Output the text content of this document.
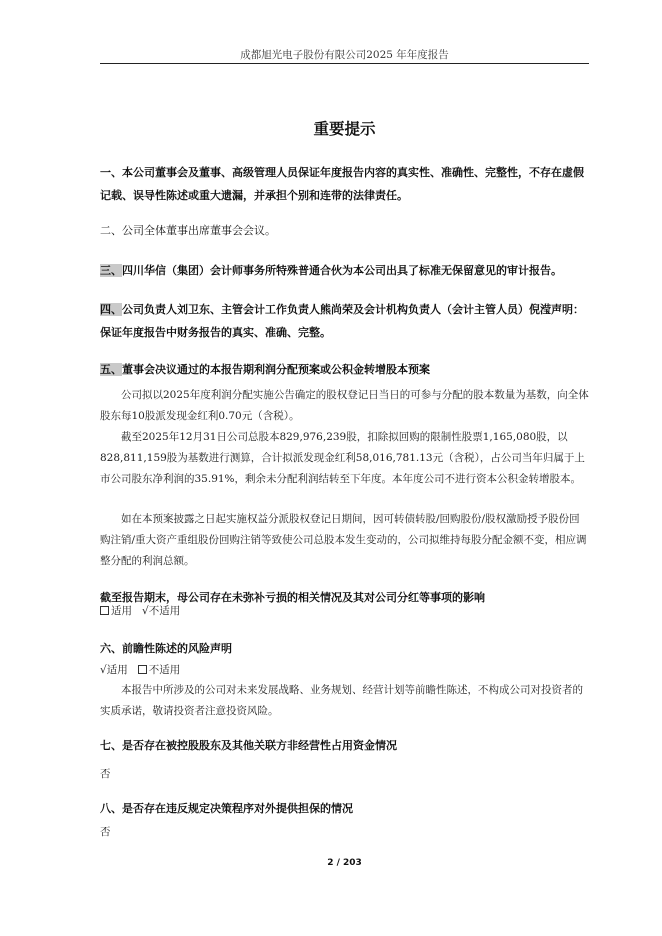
成都旭光电子股份有限公司2025 年年度报告
重要提示
一、本公司董事会及董事、高级管理人员保证年度报告内容的真实性、准确性、完整性，不存在虚假记载、误导性陈述或重大遗漏，并承担个别和连带的法律责任。
二、公司全体董事出席董事会会议。
三、四川华信（集团）会计师事务所特殊普通合伙为本公司出具了标准无保留意见的审计报告。
四、公司负责人刘卫东、主管会计工作负责人熊尚荣及会计机构负责人（会计主管人员）倪滢声明：保证年度报告中财务报告的真实、准确、完整。
五、董事会决议通过的本报告期利润分配预案或公积金转增股本预案
公司拟以2025年度利润分配实施公告确定的股权登记日当日的可参与分配的股本数量为基数，向全体股东每10股派发现金红利0.70元（含税）。
截至2025年12月31日公司总股本829,976,239股，扣除拟回购的限制性股票1,165,080股，以828,811,159股为基数进行测算，合计拟派发现金红利58,016,781.13元（含税），占公司当年归属于上市公司股东净利润的35.91%，剩余未分配利润结转至下年度。本年度公司不进行资本公积金转增股本。
如在本预案披露之日起实施权益分派股权登记日期间，因可转债转股/回购股份/股权激励授予股份回购注销/重大资产重组股份回购注销等致使公司总股本发生变动的，公司拟维持每股分配金额不变，相应调整分配的利润总额。
截至报告期末，母公司存在未弥补亏损的相关情况及其对公司分红等事项的影响
适用 √不适用
六、前瞻性陈述的风险声明
√适用 不适用
本报告中所涉及的公司对未来发展战略、业务规划、经营计划等前瞻性陈述，不构成公司对投资者的实质承诺，敬请投资者注意投资风险。
七、是否存在被控股股东及其他关联方非经营性占用资金情况
否
八、是否存在违反规定决策程序对外提供担保的情况
否
2 / 203
